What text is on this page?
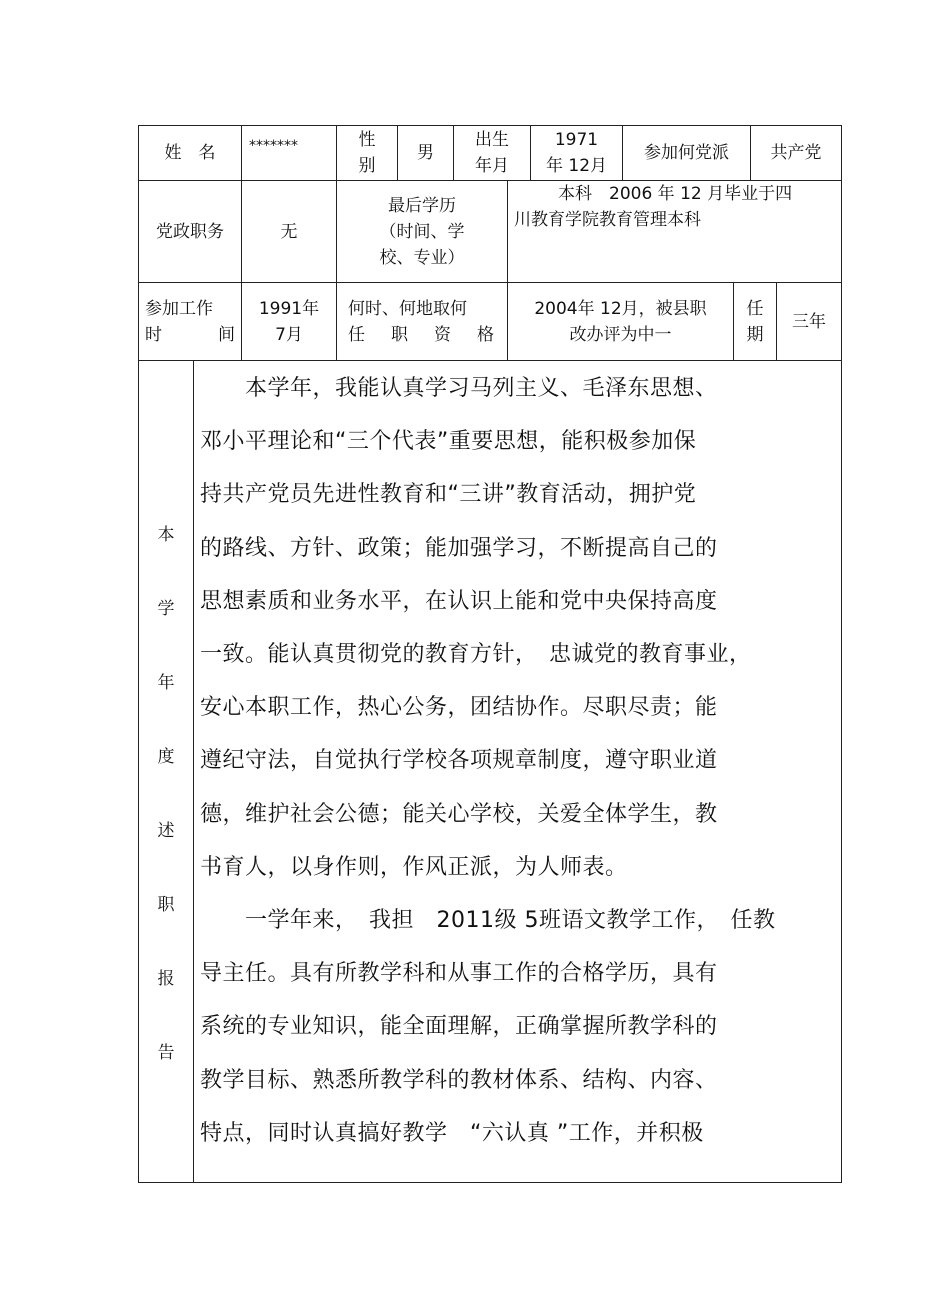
姓　名 *******	性
别
男
出生
年月
1971
年 12月
参加何党派 共产党
党政职务	无
最后学历
（时间、学
校、专业）
本科　2006 年 12 月毕业于四
川教育学院教育管理本科
参加工作
时　　间
1991年
7月
何时、何地取何
任　职　资　格
2004年 12月，被县职
改办评为中一
任
期
三年
本
学
年
度
述
职
报
告
　　本学年，我能认真学习马列主义、毛泽东思想、
邓小平理论和“三个代表”重要思想，能积极参加保
持共产党员先进性教育和“三讲”教育活动，拥护党
的路线、方针、政策；能加强学习，不断提高自己的
思想素质和业务水平，在认识上能和党中央保持高度
一致。能认真贯彻党的教育方针，　忠诚党的教育事业，
安心本职工作，热心公务，团结协作。尽职尽责；能
遵纪守法，自觉执行学校各项规章制度，遵守职业道
德，维护社会公德；能关心学校，关爱全体学生，教
书育人，以身作则，作风正派，为人师表。
　　一学年来，　我担　2011级 5班语文教学工作，　任教
导主任。具有所教学科和从事工作的合格学历，具有
系统的专业知识，能全面理解，正确掌握所教学科的
教学目标、熟悉所教学科的教材体系、结构、内容、
特点，同时认真搞好教学　“六认真 ”工作，并积极
